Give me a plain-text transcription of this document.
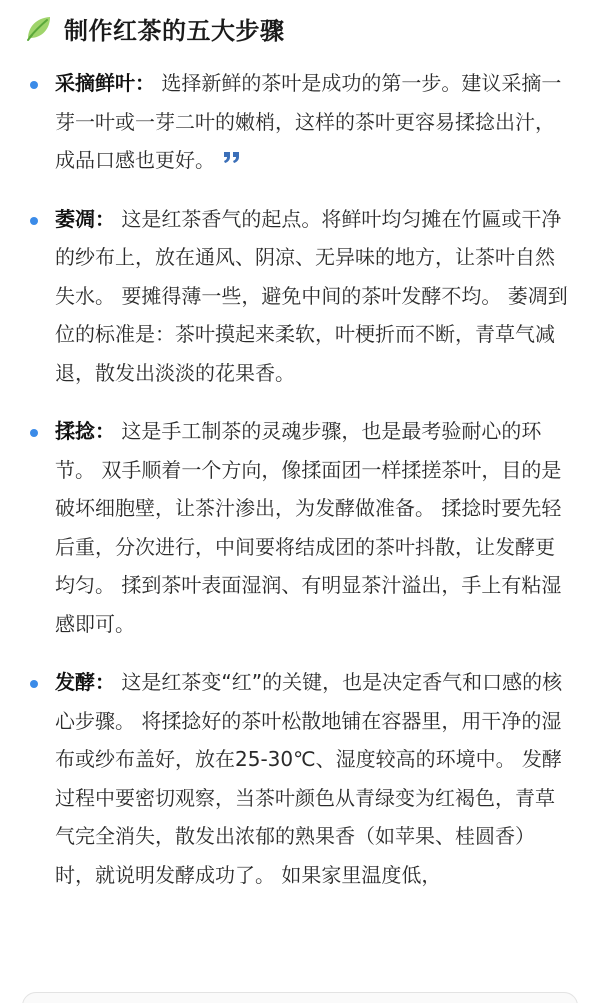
制作红茶的五大步骤
采摘鲜叶： 选择新鲜的茶叶是成功的第一步。建议采摘一芽一叶或一芽二叶的嫩梢，这样的茶叶更容易揉捻出汁，成品口感也更好。
萎凋： 这是红茶香气的起点。将鲜叶均匀摊在竹匾或干净的纱布上，放在通风、阴凉、无异味的地方，让茶叶自然失水。 要摊得薄一些，避免中间的茶叶发酵不均。 萎凋到位的标准是：茶叶摸起来柔软，叶梗折而不断，青草气减退，散发出淡淡的花果香。
揉捻： 这是手工制茶的灵魂步骤，也是最考验耐心的环节。 双手顺着一个方向，像揉面团一样揉搓茶叶，目的是破坏细胞壁，让茶汁渗出，为发酵做准备。 揉捻时要先轻后重，分次进行，中间要将结成团的茶叶抖散，让发酵更均匀。 揉到茶叶表面湿润、有明显茶汁溢出，手上有粘湿感即可。
发酵： 这是红茶变“红”的关键，也是决定香气和口感的核心步骤。 将揉捻好的茶叶松散地铺在容器里，用干净的湿布或纱布盖好，放在25-30℃、湿度较高的环境中。 发酵过程中要密切观察，当茶叶颜色从青绿变为红褐色，青草气完全消失，散发出浓郁的熟果香（如苹果、桂圆香）时，就说明发酵成功了。 如果家里温度低，
